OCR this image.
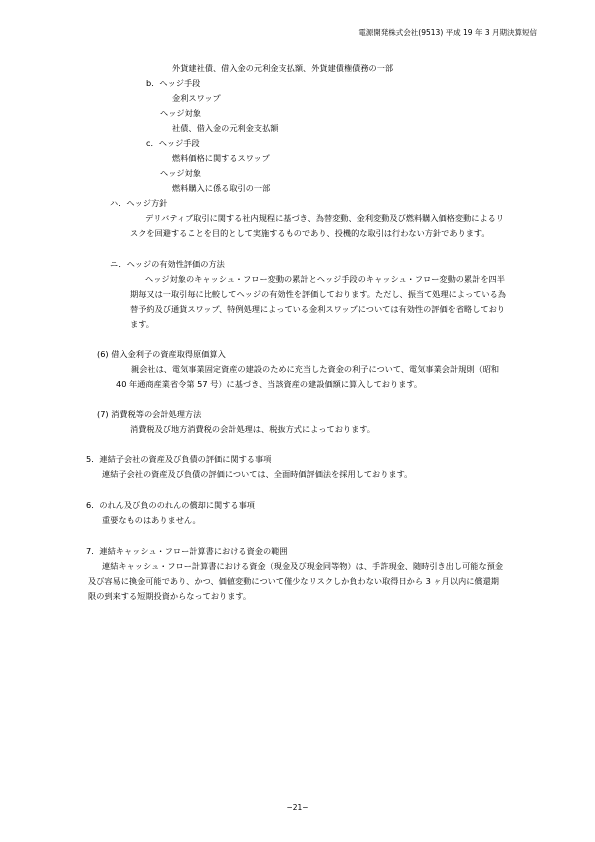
電源開発株式会社(9513) 平成 19 年 3 月期決算短信
外貨建社債、借入金の元利金支払額、外貨建債権債務の一部
b．ヘッジ手段
金利スワップ
ヘッジ対象
社債、借入金の元利金支払額
c．ヘッジ手段
燃料価格に関するスワップ
ヘッジ対象
燃料購入に係る取引の一部
ハ．ヘッジ方針
デリバティブ取引に関する社内規程に基づき、為替変動、金利変動及び燃料購入価格変動によるリスクを回避することを目的として実施するものであり、投機的な取引は行わない方針であります。
ニ．ヘッジの有効性評価の方法
ヘッジ対象のキャッシュ・フロー変動の累計とヘッジ手段のキャッシュ・フロー変動の累計を四半期毎又は一取引毎に比較してヘッジの有効性を評価しております。ただし、振当て処理によっている為替予約及び通貨スワップ、特例処理によっている金利スワップについては有効性の評価を省略しております。
(6) 借入金利子の資産取得原価算入
親会社は、電気事業固定資産の建設のために充当した資金の利子について、電気事業会計規則（昭和 40 年通商産業省令第 57 号）に基づき、当該資産の建設価額に算入しております。
(7) 消費税等の会計処理方法
消費税及び地方消費税の会計処理は、税抜方式によっております。
5．連結子会社の資産及び負債の評価に関する事項
連結子会社の資産及び負債の評価については、全面時価評価法を採用しております。
6．のれん及び負ののれんの償却に関する事項
重要なものはありません。
7．連結キャッシュ・フロー計算書における資金の範囲
連結キャッシュ・フロー計算書における資金（現金及び現金同等物）は、手許現金、随時引き出し可能な預金及び容易に換金可能であり、かつ、価値変動について僅少なリスクしか負わない取得日から 3 ヶ月以内に償還期限の到来する短期投資からなっております。
−21−
